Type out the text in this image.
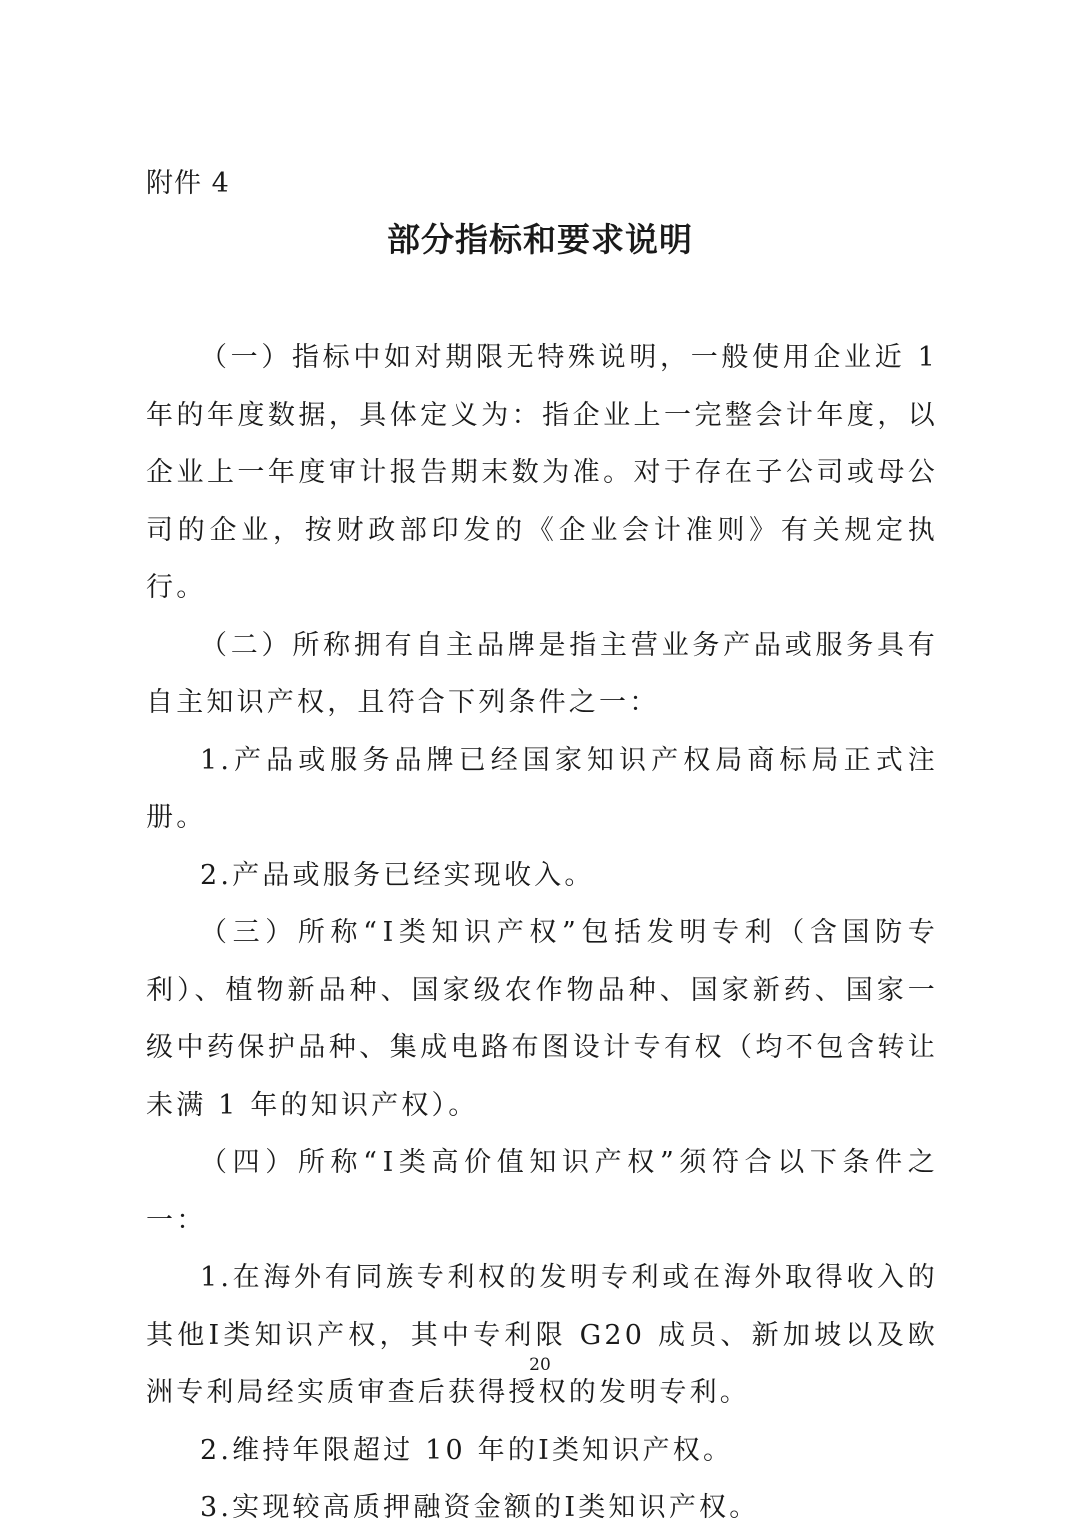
附件 4
部分指标和要求说明

（一）指标中如对期限无特殊说明，一般使用企业近 1 年的年度数据，具体定义为：指企业上一完整会计年度，以企业上一年度审计报告期末数为准。对于存在子公司或母公司的企业，按财政部印发的《企业会计准则》有关规定执行。

（二）所称拥有自主品牌是指主营业务产品或服务具有自主知识产权，且符合下列条件之一：

1.产品或服务品牌已经国家知识产权局商标局正式注册。

2.产品或服务已经实现收入。

（三）所称“Ⅰ类知识产权”包括发明专利（含国防专利）、植物新品种、国家级农作物品种、国家新药、国家一级中药保护品种、集成电路布图设计专有权（均不包含转让未满 1 年的知识产权）。

（四）所称“Ⅰ类高价值知识产权”须符合以下条件之一：

1.在海外有同族专利权的发明专利或在海外取得收入的其他Ⅰ类知识产权，其中专利限 G20 成员、新加坡以及欧洲专利局经实质审查后获得授权的发明专利。

2.维持年限超过 10 年的Ⅰ类知识产权。

3.实现较高质押融资金额的Ⅰ类知识产权。

20
